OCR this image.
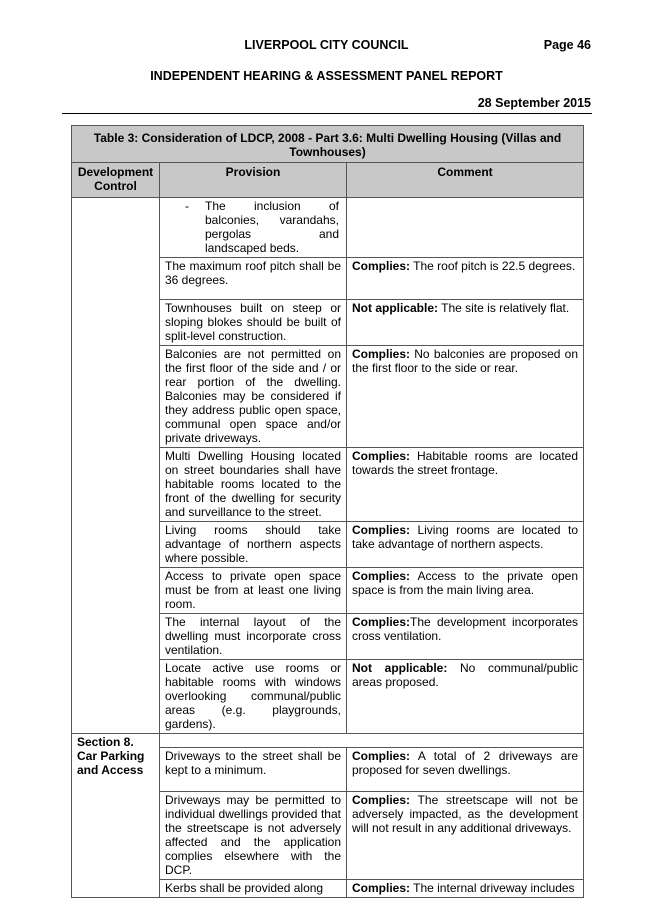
LIVERPOOL CITY COUNCIL	Page 46
INDEPENDENT HEARING & ASSESSMENT PANEL REPORT
28 September 2015
Table 3: Consideration of LDCP, 2008 - Part 3.6: Multi Dwelling Housing (Villas and Townhouses)		
Development Control	Provision	Comment

	- The inclusion of balconies, varandahs, pergolas and landscaped beds.	

	The maximum roof pitch shall be 36 degrees.	Complies: The roof pitch is 22.5 degrees.
	Townhouses built on steep or sloping blokes should be built of split-level construction.	Not applicable: The site is relatively flat.
	Balconies are not permitted on the first floor of the side and / or rear portion of the dwelling. Balconies may be considered if they address public open space, communal open space and/or private driveways.	Complies: No balconies are proposed on the first floor to the side or rear.
	Multi Dwelling Housing located on street boundaries shall have habitable rooms located to the front of the dwelling for security and surveillance to the street.	Complies: Habitable rooms are located towards the street frontage.
	Living rooms should take advantage of northern aspects where possible.	Complies: Living rooms are located to take advantage of northern aspects.
	Access to private open space must be from at least one living room.	Complies: Access to the private open space is from the main living area.
	The internal layout of the dwelling must incorporate cross ventilation.	Complies:The development incorporates cross ventilation.
	Locate active use rooms or habitable rooms with windows overlooking communal/public areas (e.g. playgrounds, gardens).	Not applicable: No communal/public areas proposed.
Section 8. Car Parking and Access		
	Driveways to the street shall be kept to a minimum.	Complies: A total of 2 driveways are proposed for seven dwellings.
	Driveways may be permitted to individual dwellings provided that the streetscape is not adversely affected and the application complies elsewhere with the DCP.	Complies: The streetscape will not be adversely impacted, as the development will not result in any additional driveways.
	Kerbs shall be provided along	Complies: The internal driveway includes
